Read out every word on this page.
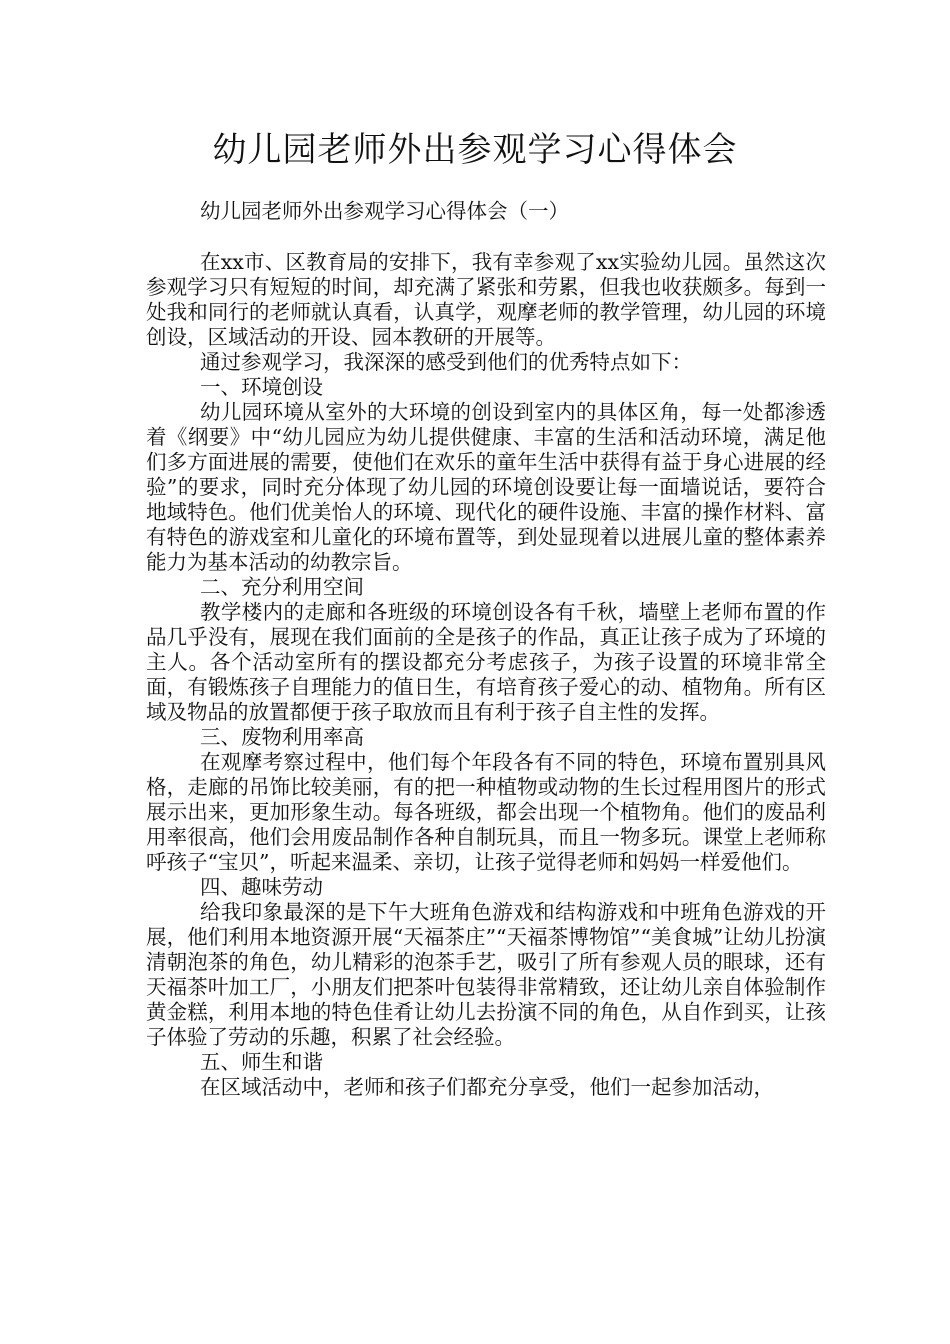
幼儿园老师外出参观学习心得体会

幼儿园老师外出参观学习心得体会（一）

在xx市、区教育局的安排下，我有幸参观了xx实验幼儿园。虽然这次参观学习只有短短的时间，却充满了紧张和劳累，但我也收获颇多。每到一处我和同行的老师就认真看，认真学，观摩老师的教学管理，幼儿园的环境创设，区域活动的开设、园本教研的开展等。

通过参观学习，我深深的感受到他们的优秀特点如下：

一、环境创设

幼儿园环境从室外的大环境的创设到室内的具体区角，每一处都渗透着《纲要》中“幼儿园应为幼儿提供健康、丰富的生活和活动环境，满足他们多方面进展的需要，使他们在欢乐的童年生活中获得有益于身心进展的经验”的要求，同时充分体现了幼儿园的环境创设要让每一面墙说话，要符合地域特色。他们优美怡人的环境、现代化的硬件设施、丰富的操作材料、富有特色的游戏室和儿童化的环境布置等，到处显现着以进展儿童的整体素养能力为基本活动的幼教宗旨。

二、充分利用空间

教学楼内的走廊和各班级的环境创设各有千秋，墙壁上老师布置的作品几乎没有，展现在我们面前的全是孩子的作品，真正让孩子成为了环境的主人。各个活动室所有的摆设都充分考虑孩子，为孩子设置的环境非常全面，有锻炼孩子自理能力的值日生，有培育孩子爱心的动、植物角。所有区域及物品的放置都便于孩子取放而且有利于孩子自主性的发挥。

三、废物利用率高

在观摩考察过程中，他们每个年段各有不同的特色，环境布置别具风格，走廊的吊饰比较美丽，有的把一种植物或动物的生长过程用图片的形式展示出来，更加形象生动。每各班级，都会出现一个植物角。他们的废品利用率很高，他们会用废品制作各种自制玩具，而且一物多玩。课堂上老师称呼孩子“宝贝”，听起来温柔、亲切，让孩子觉得老师和妈妈一样爱他们。

四、趣味劳动

给我印象最深的是下午大班角色游戏和结构游戏和中班角色游戏的开展，他们利用本地资源开展“天福茶庄”“天福茶博物馆”“美食城”让幼儿扮演清朝泡茶的角色，幼儿精彩的泡茶手艺，吸引了所有参观人员的眼球，还有天福茶叶加工厂，小朋友们把茶叶包装得非常精致，还让幼儿亲自体验制作黄金糕，利用本地的特色佳肴让幼儿去扮演不同的角色，从自作到买，让孩子体验了劳动的乐趣，积累了社会经验。

五、师生和谐

在区域活动中，老师和孩子们都充分享受，他们一起参加活动，
